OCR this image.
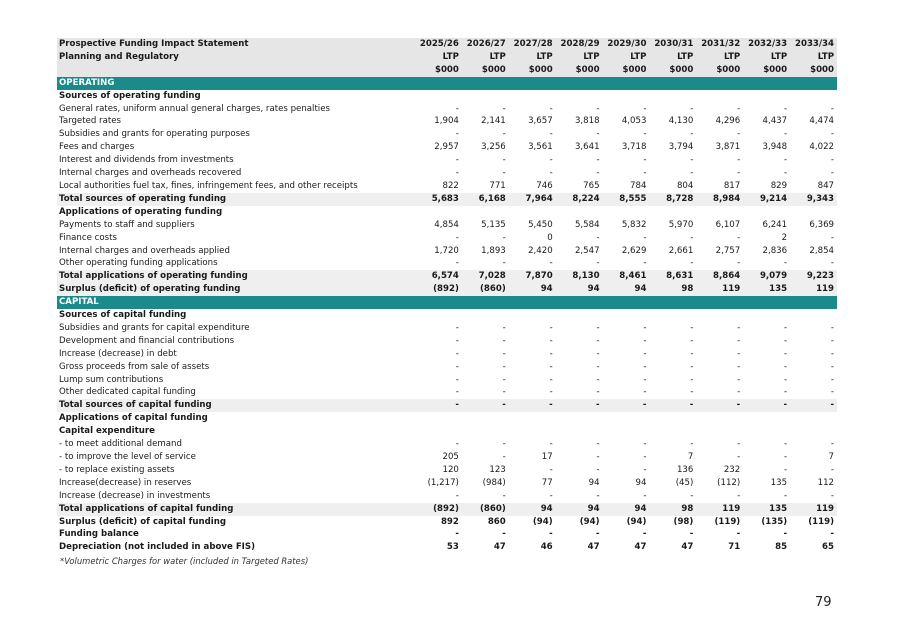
Prospective Funding Impact Statement	2025/26	2026/27	2027/28	2028/29	2029/30	2030/31	2031/32	2032/33	2033/34
Planning and Regulatory	LTP	LTP	LTP	LTP	LTP	LTP	LTP	LTP	LTP
	$000	$000	$000	$000	$000	$000	$000	$000	$000
OPERATING									
Sources of operating funding									
General rates, uniform annual general charges, rates penalties	-	-	-	-	-	-	-	-	-
Targeted rates	1,904	2,141	3,657	3,818	4,053	4,130	4,296	4,437	4,474
Subsidies and grants for operating purposes	-	-	-	-	-	-	-	-	-
Fees and charges	2,957	3,256	3,561	3,641	3,718	3,794	3,871	3,948	4,022
Interest and dividends from investments	-	-	-	-	-	-	-	-	-
Internal charges and overheads recovered	-	-	-	-	-	-	-	-	-
Local authorities fuel tax, fines, infringement fees, and other receipts	822	771	746	765	784	804	817	829	847
Total sources of operating funding	5,683	6,168	7,964	8,224	8,555	8,728	8,984	9,214	9,343
Applications of operating funding									
Payments to staff and suppliers	4,854	5,135	5,450	5,584	5,832	5,970	6,107	6,241	6,369
Finance costs	-	-	0	-	-	-	-	2	-
Internal charges and overheads applied	1,720	1,893	2,420	2,547	2,629	2,661	2,757	2,836	2,854
Other operating funding applications	-	-	-	-	-	-	-	-	-
Total applications of operating funding	6,574	7,028	7,870	8,130	8,461	8,631	8,864	9,079	9,223
Surplus (deficit) of operating funding	(892)	(860)	94	94	94	98	119	135	119
CAPITAL									
Sources of capital funding									
Subsidies and grants for capital expenditure	-	-	-	-	-	-	-	-	-
Development and financial contributions	-	-	-	-	-	-	-	-	-
Increase (decrease) in debt	-	-	-	-	-	-	-	-	-
Gross proceeds from sale of assets	-	-	-	-	-	-	-	-	-
Lump sum contributions	-	-	-	-	-	-	-	-	-
Other dedicated capital funding	-	-	-	-	-	-	-	-	-
Total sources of capital funding	-	-	-	-	-	-	-	-	-
Applications of capital funding									
Capital expenditure									
- to meet additional demand	-	-	-	-	-	-	-	-	-
- to improve the level of service	205	-	17	-	-	7	-	-	7
- to replace existing assets	120	123	-	-	-	136	232	-	-
Increase(decrease) in reserves	(1,217)	(984)	77	94	94	(45)	(112)	135	112
Increase (decrease) in investments	-	-	-	-	-	-	-	-	-
Total applications of capital funding	(892)	(860)	94	94	94	98	119	135	119
Surplus (deficit) of capital funding	892	860	(94)	(94)	(94)	(98)	(119)	(135)	(119)
Funding balance	-	-	-	-	-	-	-	-	-
Depreciation (not included in above FIS)	53	47	46	47	47	47	71	85	65
*Volumetric Charges for water (included in Targeted Rates)
79
